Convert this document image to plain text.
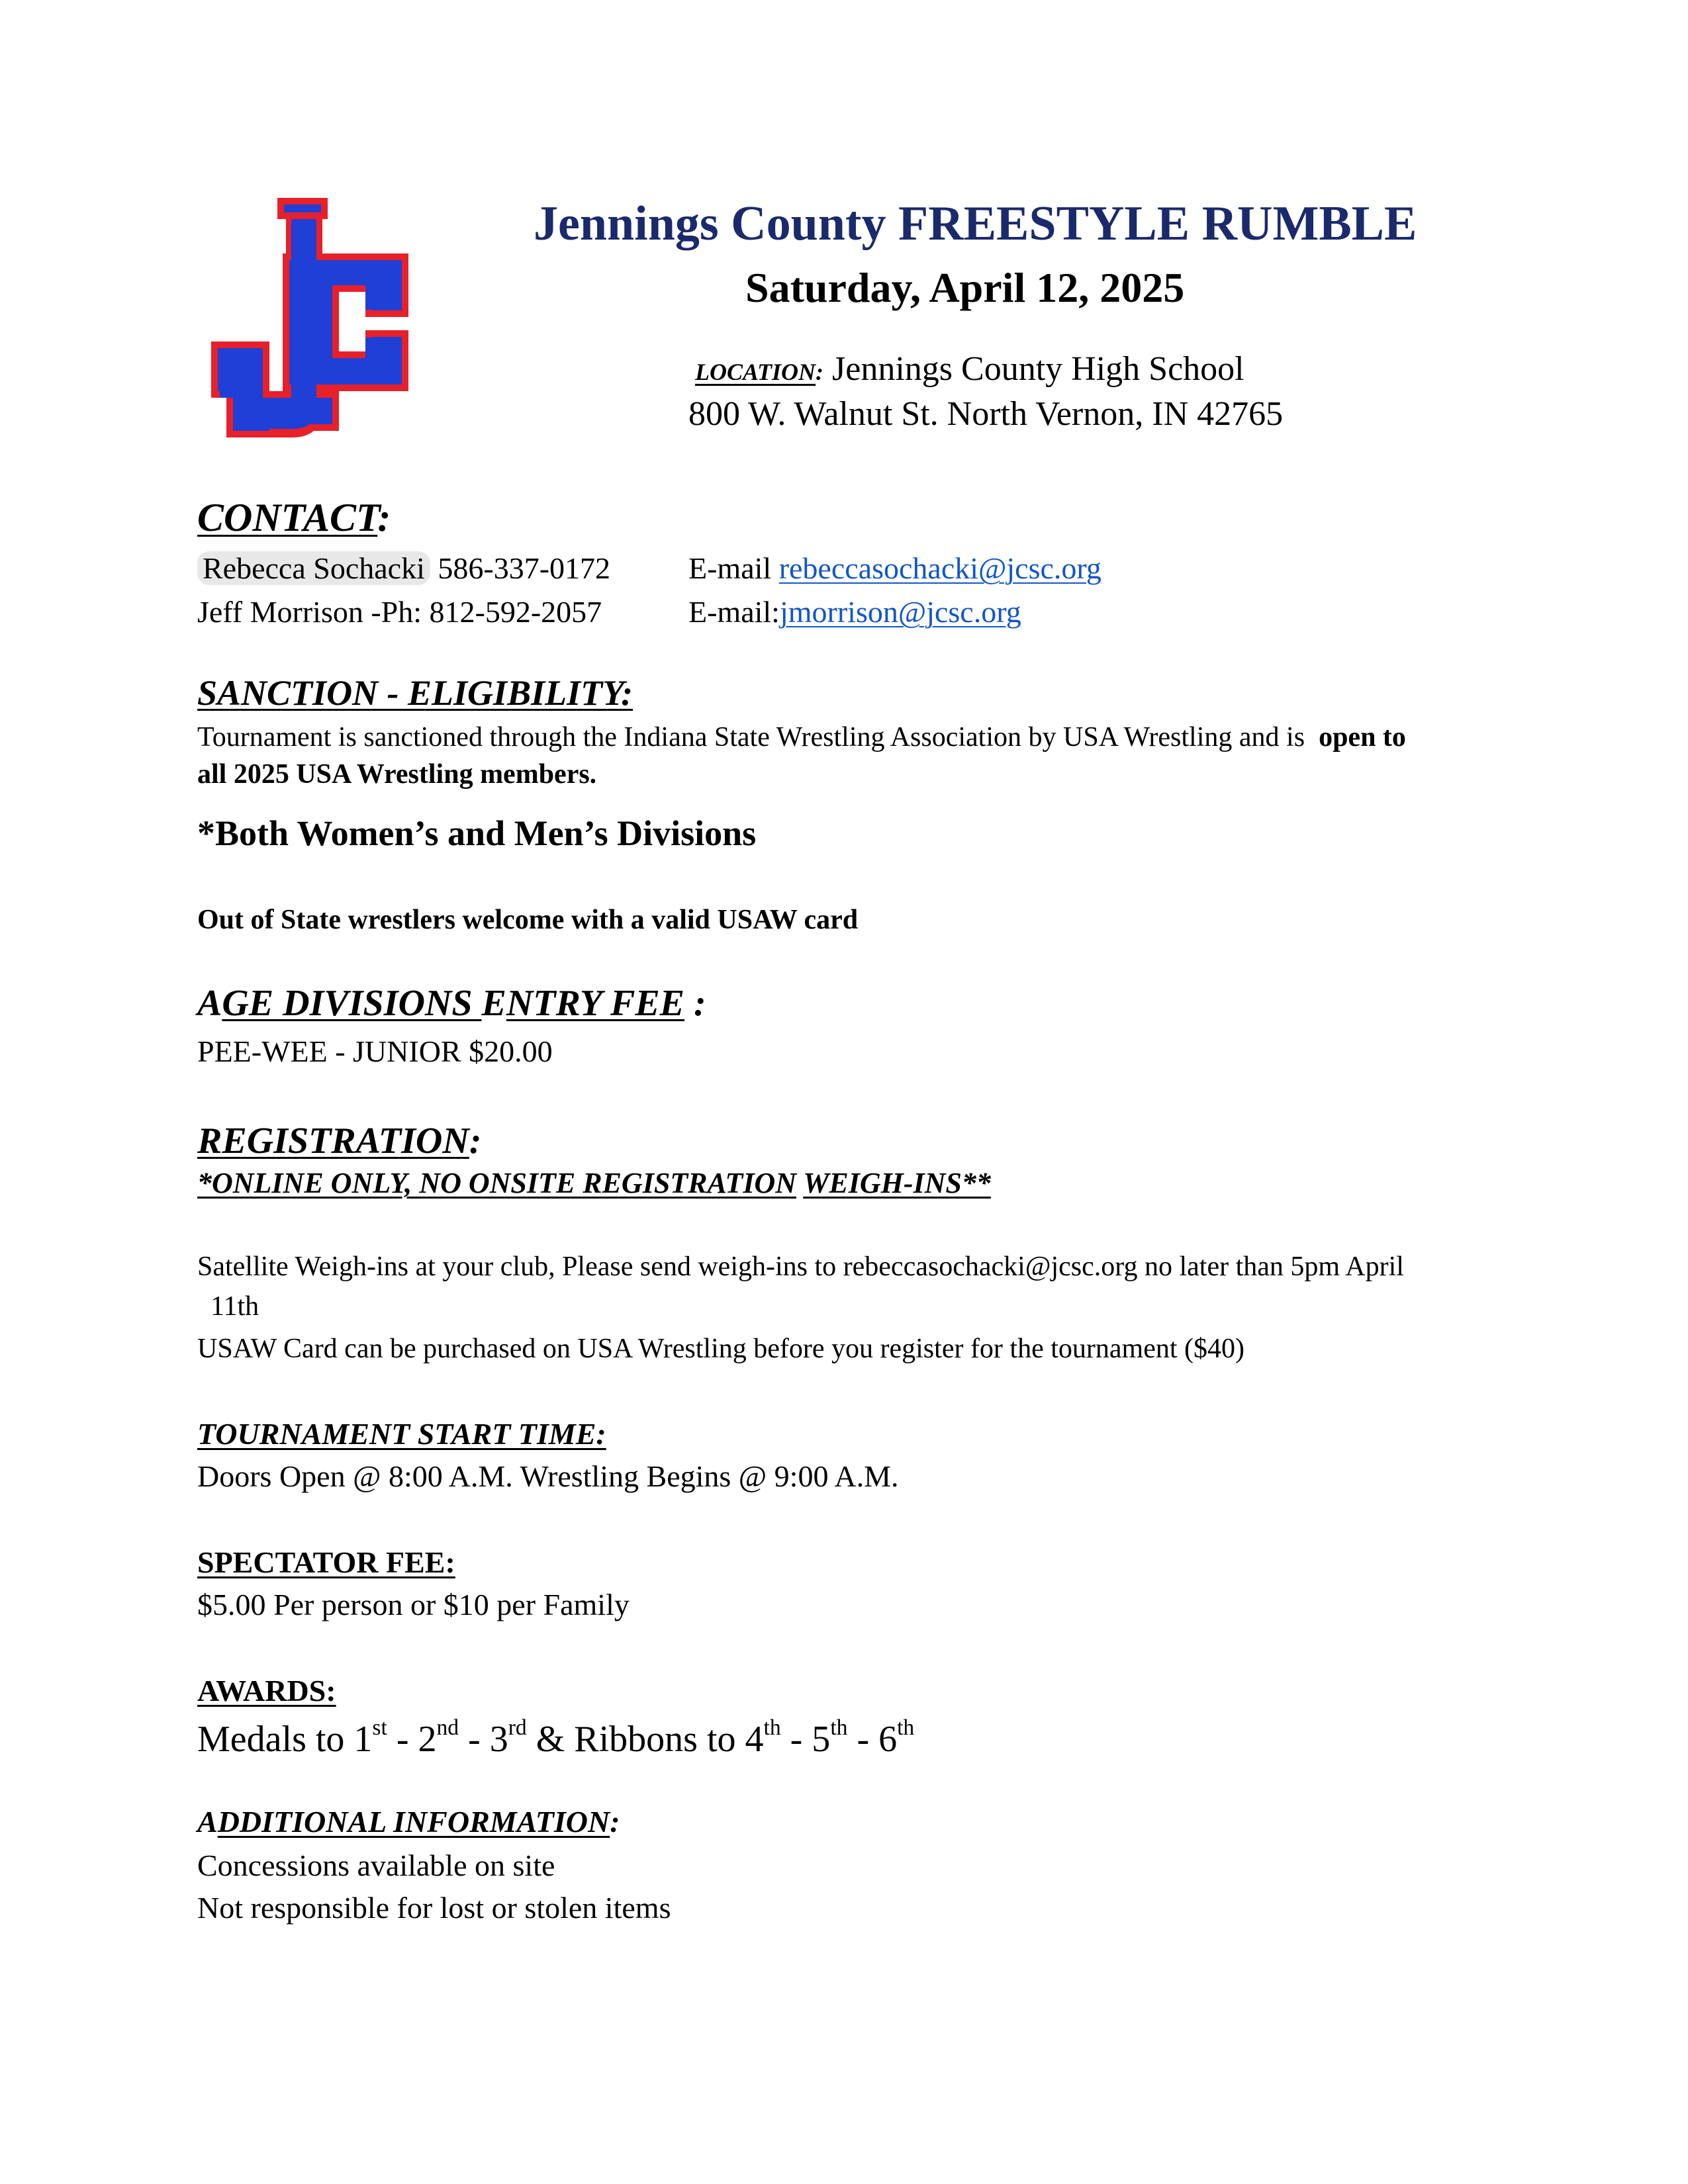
JC
Jennings County FREESTYLE RUMBLE
Saturday, April 12, 2025
LOCATION: Jennings County High School
800 W. Walnut St. North Vernon, IN 42765
CONTACT:
Rebecca Sochacki 586-337-0172	E-mail rebeccasochacki@jcsc.org
Jeff Morrison -Ph: 812-592-2057	E-mail:jmorrison@jcsc.org
SANCTION - ELIGIBILITY:
Tournament is sanctioned through the Indiana State Wrestling Association by USA Wrestling and is open to
all 2025 USA Wrestling members.
*Both Women’s and Men’s Divisions
Out of State wrestlers welcome with a valid USAW card
AGE DIVISIONS ENTRY FEE :
PEE-WEE - JUNIOR $20.00
REGISTRATION:
*ONLINE ONLY, NO ONSITE REGISTRATION WEIGH-INS**
Satellite Weigh-ins at your club, Please send weigh-ins to rebeccasochacki@jcsc.org no later than 5pm April
11th
USAW Card can be purchased on USA Wrestling before you register for the tournament ($40)
TOURNAMENT START TIME:
Doors Open @ 8:00 A.M. Wrestling Begins @ 9:00 A.M.
SPECTATOR FEE:
$5.00 Per person or $10 per Family
AWARDS:
Medals to 1st - 2nd - 3rd & Ribbons to 4th - 5th - 6th
ADDITIONAL INFORMATION:
Concessions available on site
Not responsible for lost or stolen items
